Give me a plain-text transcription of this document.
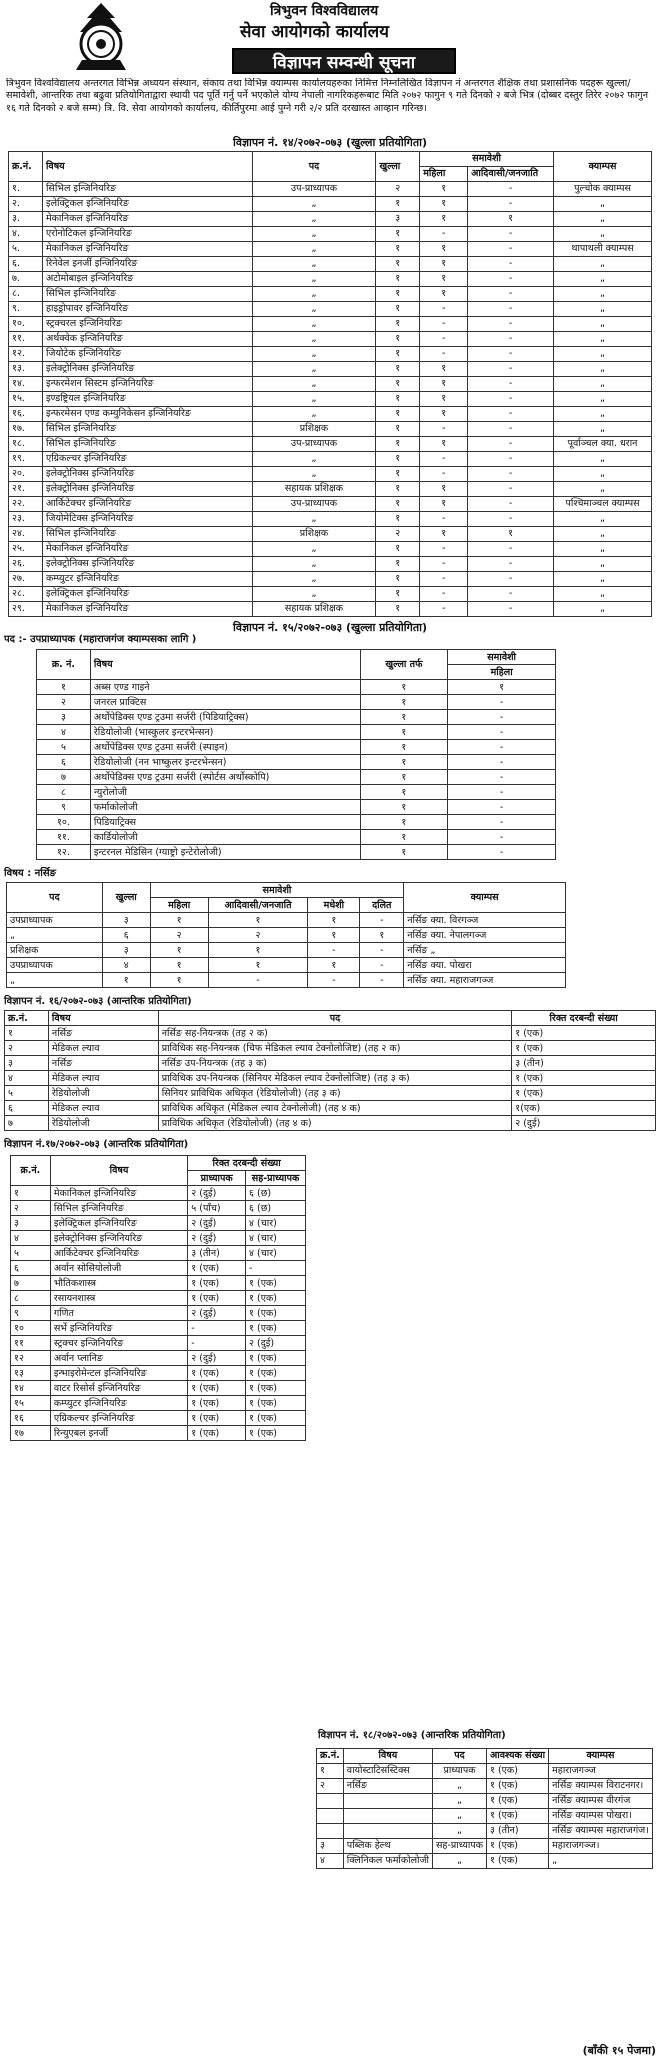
त्रिभुवन विश्वविद्यालय
सेवा आयोगको कार्यालय
विज्ञापन सम्वन्धी सूचना

त्रिभुवन विश्वविद्यालय अन्तरगत विभिन्न अध्ययन संस्थान, संकाय तथा विभिन्न क्याम्पस कार्यालयहरुका निमित्त निम्नलिखित विज्ञापन नं अन्तरगत शैक्षिक तथा प्रशासनिक पदहरू खुल्ला/समावेशी, आन्तरिक तथा बढुवा प्रतियोगिताद्वारा स्थायी पद पूर्ति गर्नु पर्ने भएकोले योग्य नेपाली नागरिकहरूबाट मिति २०७२ फागुन ९ गते दिनको २ बजे भित्र (दोब्बर दस्तुर तिरेर २०७२ फागुन १६ गते दिनको २ बजे सम्म) त्रि. वि. सेवा आयोगको कार्यालय, कीर्तिपुरमा आई पुग्ने गरी २/२ प्रति दरखास्त आव्हान गरिन्छ।

विज्ञापन नं. १४/२०७२-०७३ (खुल्ला प्रतियोगिता)
क्र.नं.	विषय	पद	खुल्ला	समावेशी		क्याम्पस
				महिला	आदिवासी/जनजाति	
१.	सिभिल इन्जिनियरिङ	उप-प्राध्यापक	२	१	-	पुल्चोक क्याम्पस
२.	इलेक्ट्रिकल इन्जिनियरिङ	„	१	१	-	„
३.	मेकानिकल इन्जिनियरिङ	„	३	१	१	„
४.	एरोनोटिकल इन्जिनियरिङ	„	१	-	-	„
५.	मेकानिकल इन्जिनियरिङ	„	१	१	-	थापाथली क्याम्पस
६.	रिनेवेल इनर्जी इन्जिनियरिङ	„	१	१	-	„
७.	अटोमोबाइल इन्जिनियरिङ	„	१	१	-	„
८.	सिभिल इन्जिनियरिङ	„	१	१	-	„
९.	हाइड्रोपावर इन्जिनियरिङ	„	१	-	-	„
१०.	स्ट्रक्चरल इन्जिनियरिङ	„	१	-	-	„
११.	अर्थक्वेक इन्जिनियरिङ	„	१	-	-	„
१२.	जियोटेक इन्जिनियरिङ	„	१	-	-	„
१३.	इलेक्ट्रोनिक्स इन्जिनियरिङ	„	१	१	-	„
१४.	इन्फरमेशन सिस्टम इन्जिनियरिङ	„	१	१	-	„
१५.	इण्डष्ट्रियल इन्जिनियरिङ	„	१	१	-	„
१६.	इन्फरमेसन एण्ड कम्युनिकेसन इन्जिनियरिङ	„	१	१	-	„
१७.	सिभिल इन्जिनियरिङ	प्रशिक्षक	१	-	-	„
१८.	सिभिल इन्जिनियरिङ	उप-प्राध्यापक	१	१	-	पूर्वाञ्चल क्या. धरान
१९.	एग्रिकल्चर इन्जिनियरिङ	„	१	-	-	„
२०.	इलेक्ट्रोनिक्स इन्जिनियरिङ	„	१	-	-	„
२१.	इलेक्ट्रोनिक्स इन्जिनियरिङ	सहायक प्रशिक्षक	१	१	-	„
२२.	आर्किटेक्चर इन्जिनियरिङ	उप-प्राध्यापक	१	१	-	पश्चिमाञ्चल क्याम्पस
२३.	जियोमेटिक्स इन्जिनियरिङ	„	१	-	-	„
२४.	सिभिल इन्जिनियरिङ	प्रशिक्षक	२	१	१	„
२५.	मेकानिकल इन्जिनियरिङ	„	१	-	-	„
२६.	इलेक्ट्रोनिक्स इन्जिनियरिङ	„	१	-	-	„
२७.	कम्प्युटर इन्जिनियरिङ	„	१	-	-	„
२८.	इलेक्ट्रिकल इन्जिनियरिङ	„	१	-	-	„
२९.	मेकानिकल इन्जिनियरिङ	सहायक प्रशिक्षक	१	-	-	„
विज्ञापन नं. १५/२०७२-०७३ (खुल्ला प्रतियोगिता)
पद :- उपप्राध्यापक (महाराजगंज क्याम्पसका लागि )
क्र. नं.	विषय	खुल्ला तर्फ	समावेशी
			महिला
१	अब्स एण्ड गाइने	१	१
२	जनरल प्राक्टिस	१	-
३	अर्थोपेडिक्स एण्ड ट्रउमा सर्जरी (पिडियाट्रिक्स)	१	-
४	रेडियोलोजी (भास्कुलर इन्टरभेन्सन)	१	-
५	अर्थोपेडिक्स एण्ड ट्रउमा सर्जरी (स्पाइन)	१	-
६	रेडियोलोजी (नन भाष्कुलर इन्टरभेन्सन)	१	-
७	अर्थोपेडिक्स एण्ड ट्रउमा सर्जरी (स्पोर्टस अर्थोस्कोपि)	१	-
८	न्युरोलोजी	१	-
९	फर्माकोलोजी	१	-
१०.	पिडियाट्रिक्स	१	-
११.	कार्डियोलोजी	१	-
१२.	इन्टरनल मेडिसिन (ग्याष्ट्रो इन्टेरोलोजी)	१	-
विषय : नर्सिङ
पद	खुल्ला	समावेशी				क्याम्पस
		महिला	आदिवासी/जनजाति	मधेशी	दलित	
उपप्राध्यापक	३	१	१	१	-	नर्सिङ क्या. विरगञ्ज
„	६	२	२	१	१	नर्सिङ क्या. नेपालगञ्ज
प्रशिक्षक	३	१	१	-	-	नर्सिङ „
उपप्राध्यापक	४	१	१	१	-	नर्सिङ क्या. पोखरा
„	१	१	-	-	-	नर्सिङ क्या. महाराजगञ्ज
विज्ञापन नं. १६/२०७२-०७३ (आन्तरिक प्रतियोगिता)
क्र.नं.	विषय	पद	रिक्त दरबन्दी संख्या
१	नर्सिङ	नर्सिङ सह-नियन्त्रक (तह २ क)	१ (एक)
२	मेडिकल ल्याव	प्राविधिक सह-नियन्त्रक (चिफ मेडिकल ल्याव टेक्नोलोजिष्ट) (तह २ क)	१ (एक)
३	नर्सिङ	नर्सिङ उप-नियन्त्रक (तह ३ क)	३ (तीन)
४	मेडिकल ल्याव	प्राविधिक उप-नियन्त्रक (सिनियर मेडिकल ल्याव टेक्नोलोजिष्ट) (तह ३ क)	१ (एक)
५	रेडियोलोजी	सिनियर प्राविधिक अधिकृत (रेडियोलोजी) (तह ३ क)	१ (एक)
६	मेडिकल ल्याव	प्राविधिक अधिकृत (मेडिकल ल्याव टेक्नोलोजी) (तह ४ क)	१(एक)
७	रेडियोलोजी	प्राविधिक अधिकृत (रेडियोलोजी) (तह ४ क)	२ (दुई)
विज्ञापन नं.१७/२०७२-०७३ (आन्तरिक प्रतियोगिता)
क्र.नं.	विषय	रिक्त दरबन्दी संख्या	
		प्राध्यापक	सह-प्राध्यापक
१	मेकानिकल इन्जिनियरिङ	२ (दुई)	६ (छ)
२	सिभिल इन्जिनियरिङ	५ (पाँच)	६ (छ)
३	इलेक्ट्रिकल इन्जिनियरिङ	२ (दुई)	४ (चार)
४	इलेक्ट्रोनिक्स इन्जिनियरिङ	२ (दुई)	४ (चार)
५	आर्किटेक्चर इन्जिनियरिङ	३ (तीन)	४ (चार)
६	अर्वान सोसियोलोजी	१ (एक)	-
७	भौतिकशास्त्र	१ (एक)	१ (एक)
८	रसायनशास्त्र	१ (एक)	१ (एक)
९	गणित	२ (दुई)	१ (एक)
१०	सर्भे इन्जिनियरिङ	-	१ (एक)
११	स्ट्रक्चर इन्जिनियरिङ	-	२ (दुई)
१२	अर्वान प्लानिङ	२ (दुई)	१ (एक)
१३	इन्भाइरोमेन्टल इन्जिनियरिङ	१ (एक)	१ (एक)
१४	वाटर रिसोर्स इन्जिनियरिङ	१ (एक)	१ (एक)
१५	कम्प्युटर इन्जिनियरिङ	१ (एक)	१ (एक)
१६	एग्रिकल्चर इन्जिनियरिङ	१ (एक)	१ (एक)
१७	रिन्युएबल इनर्जी	१ (एक)	१ (एक)
विज्ञापन नं. १८/२०७२-०७३ (आन्तरिक प्रतियोगिता)
क्र.नं.	विषय	पद	आवश्यक संख्या	क्याम्पस
१	वायोस्टाटिसस्टिक्स	प्राध्यापक	१ (एक)	महाराजगञ्ज
२	नर्सिङ	„	१ (एक)	नर्सिङ क्याम्पस विराटनगर।
		„	१ (एक)	नर्सिङ क्याम्पस वीरगंज
		„	१ (एक)	नर्सिङ क्याम्पस पोखरा।
		„	३ (तीन)	नर्सिङ क्याम्पस महाराजगंज।
३	पब्लिक हेल्थ	सह-प्राध्यापक	१ (एक)	महाराजगञ्ज।
४	क्लिनिकल फर्माकोलोजी	„	१ (एक)	„
(बाँकी १५ पेजमा)
